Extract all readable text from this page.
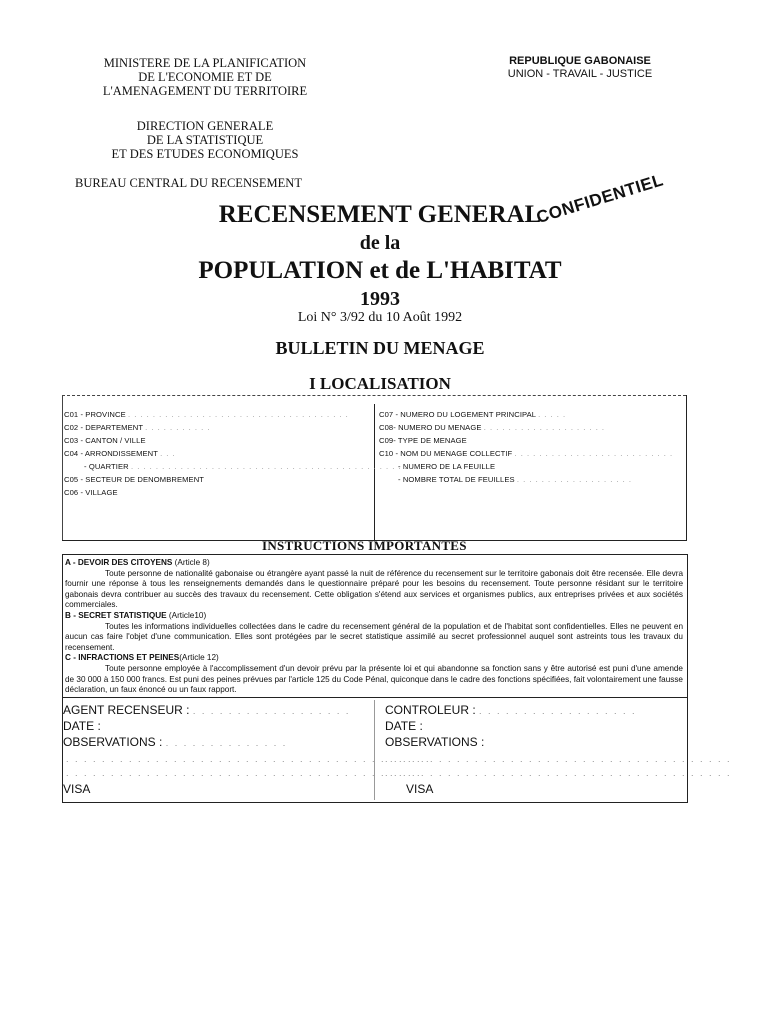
MINISTERE DE LA PLANIFICATION
DE L'ECONOMIE ET DE
L'AMENAGEMENT DU TERRITOIRE
DIRECTION GENERALE
DE LA STATISTIQUE
ET DES ETUDES ECONOMIQUES
BUREAU CENTRAL DU RECENSEMENT
REPUBLIQUE GABONAISE
UNION - TRAVAIL - JUSTICE
RECENSEMENT GENERAL
de la
POPULATION et de L'HABITAT
1993
CONFIDENTIEL
Loi N° 3/92 du 10 Août 1992
BULLETIN DU MENAGE
I LOCALISATION
C01 - PROVINCE . . . . . . . . . . . . . . . . . . . . . . . . . . . . . . . . . . . .
C02 - DEPARTEMENT . . . . . . . . . . .
C03 - CANTON / VILLE
C04 - ARRONDISSEMENT . . .
- QUARTIER . . . . . . . . . . . . . . . . . . . . . . . . . . . . . . . . . . . . . . . . . . . . . .
C05 - SECTEUR DE DENOMBREMENT
C06 - VILLAGE
C07 - NUMERO DU LOGEMENT PRINCIPAL . . . . .
C08- NUMERO DU MENAGE . . . . . . . . . . . . . . . . . . . .
C09- TYPE DE MENAGE
C10 - NOM DU MENAGE COLLECTIF . . . . . . . . . . . . . . . . . . . . . . . . . .
- NUMERO DE LA FEUILLE
- NOMBRE TOTAL DE FEUILLES . . . . . . . . . . . . . . . . . . .
INSTRUCTIONS IMPORTANTES
A - DEVOIR DES CITOYENS (Article 8)
Toute personne de nationalité gabonaise ou étrangère ayant passé la nuit de référence du recensement sur le territoire gabonais doit être recensée. Elle devra fournir une réponse à tous les renseignements demandés dans le questionnaire préparé pour les besoins du recensement. Toute personne résidant sur le territoire gabonais devra contribuer au succès des travaux du recensement. Cette obligation s'étend aux services et organismes publics, aux entreprises privées et aux sociétés commerciales.
B - SECRET STATISTIQUE (Article10)
Toutes les informations individuelles collectées dans le cadre du recensement général de la population et de l'habitat sont confidentielles. Elles ne peuvent en aucun cas faire l'objet d'une communication. Elles sont protégées par le secret statistique assimilé au secret professionnel auquel sont astreints tous les travaux du recensement.
C - INFRACTIONS ET PEINES(Article 12)
Toute personne employée à l'accomplissement d'un devoir prévu par la présente loi et qui abandonne sa fonction sans y être autorisé est puni d'une amende de 30 000 à 150 000 francs. Est puni des peines prévues par l'article 125 du Code Pénal, quiconque dans le cadre des fonctions spécifiées, fait volontairement une fausse déclaration, un faux énoncé ou un faux rapport.
AGENT RECENSEUR : . . . . . . . . . . . . . . . . . .
DATE :
OBSERVATIONS : . . . . . . . . . . . . . .
. . . . . . . . . . . . . . . . . . . . . . . . . . . . . . . . . . . . . . . . .
. . . . . . . . . . . . . . . . . . . . . . . . . . . . . . . . . . . . . . . .
VISA
CONTROLEUR : . . . . . . . . . . . . . . . . . .
DATE :
OBSERVATIONS :
. . . . . . . . . . . . . . . . . . . . . . . . . . . . . . . . . . . . . . .
. . . . . . . . . . . . . . . . . . . . . . . . . . . . . . . . . . . . . . .
VISA
